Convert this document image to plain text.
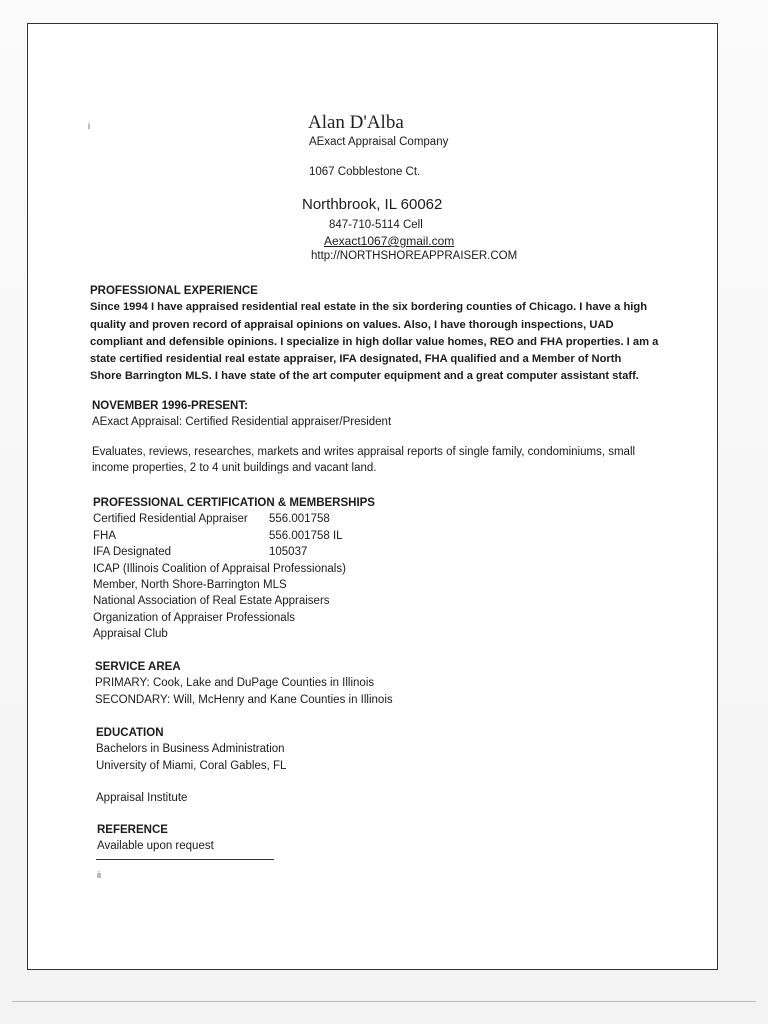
i	Alan D'Alba
AExact Appraisal Company
1067 Cobblestone Ct.
Northbrook, IL 60062
847-710-5114 Cell
Aexact1067@gmail.com
http://NORTHSHOREAPPRAISER.COM
PROFESSIONAL EXPERIENCE
Since 1994 I have appraised residential real estate in the six bordering counties of Chicago. I have a high
quality and proven record of appraisal opinions on values. Also, I have thorough inspections, UAD
compliant and defensible opinions. I specialize in high dollar value homes, REO and FHA properties. I am a
state certified residential real estate appraiser, IFA designated, FHA qualified and a Member of North
Shore Barrington MLS. I have state of the art computer equipment and a great computer assistant staff.
NOVEMBER 1996-PRESENT:
AExact Appraisal: Certified Residential appraiser/President
Evaluates, reviews, researches, markets and writes appraisal reports of single family, condominiums, small
income properties, 2 to 4 unit buildings and vacant land.
PROFESSIONAL CERTIFICATION & MEMBERSHIPS
Certified Residential Appraiser	556.001758
FHA	556.001758 IL
IFA Designated	105037
ICAP (Illinois Coalition of Appraisal Professionals)
Member, North Shore-Barrington MLS
National Association of Real Estate Appraisers
Organization of Appraiser Professionals
Appraisal Club
SERVICE AREA
PRIMARY: Cook, Lake and DuPage Counties in Illinois
SECONDARY: Will, McHenry and Kane Counties in Illinois
EDUCATION
Bachelors in Business Administration
University of Miami, Coral Gables, FL
Appraisal Institute
REFERENCE
Available upon request
ii
